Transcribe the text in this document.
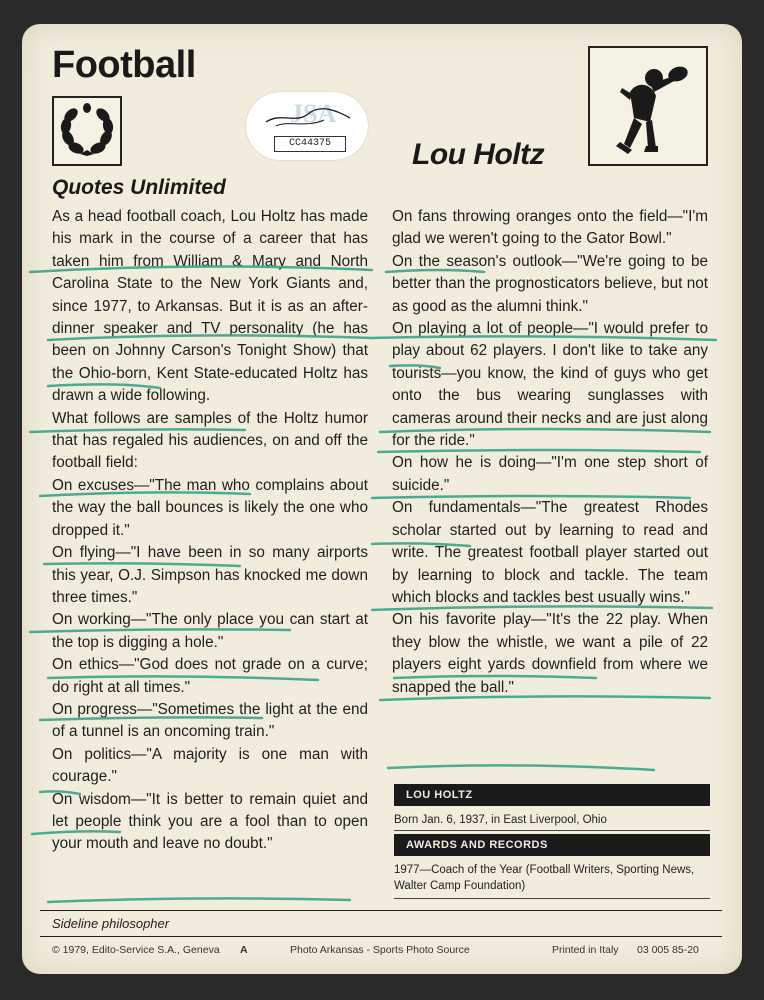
Football
JSA
CC44375	Lou Holtz
Quotes Unlimited

As a head football coach, Lou Holtz has made his mark in the course of a career that has taken him from William & Mary and North Carolina State to the New York Giants and, since 1977, to Arkansas. But it is as an after-dinner speaker and TV personality (he has been on Johnny Carson's Tonight Show) that the Ohio-born, Kent State-educated Holtz has drawn a wide following.

What follows are samples of the Holtz humor that has regaled his audiences, on and off the football field:

On excuses—"The man who complains about the way the ball bounces is likely the one who dropped it."

On flying—"I have been in so many airports this year, O.J. Simpson has knocked me down three times."

On working—"The only place you can start at the top is digging a hole."

On ethics—"God does not grade on a curve; do right at all times."

On progress—"Sometimes the light at the end of a tunnel is an oncoming train."

On politics—"A majority is one man with courage."

On wisdom—"It is better to remain quiet and let people think you are a fool than to open your mouth and leave no doubt."

On fans throwing oranges onto the field—"I'm glad we weren't going to the Gator Bowl."

On the season's outlook—"We're going to be better than the prognosticators believe, but not as good as the alumni think."

On playing a lot of people—"I would prefer to play about 62 players. I don't like to take any tourists—you know, the kind of guys who get onto the bus wearing sunglasses with cameras around their necks and are just along for the ride."

On how he is doing—"I'm one step short of suicide."

On fundamentals—"The greatest Rhodes scholar started out by learning to read and write. The greatest football player started out by learning to block and tackle. The team which blocks and tackles best usually wins."

On his favorite play—"It's the 22 play. When they blow the whistle, we want a pile of 22 players eight yards downfield from where we snapped the ball."

LOU HOLTZ
Born Jan. 6, 1937, in East Liverpool, Ohio
AWARDS AND RECORDS
1977—Coach of the Year (Football Writers, Sporting News, Walter Camp Foundation)
Sideline philosopher
© 1979, Edito-Service S.A., Geneva A	Photo Arkansas - Sports Photo Source	Printed in Italy 03 005 85-20
